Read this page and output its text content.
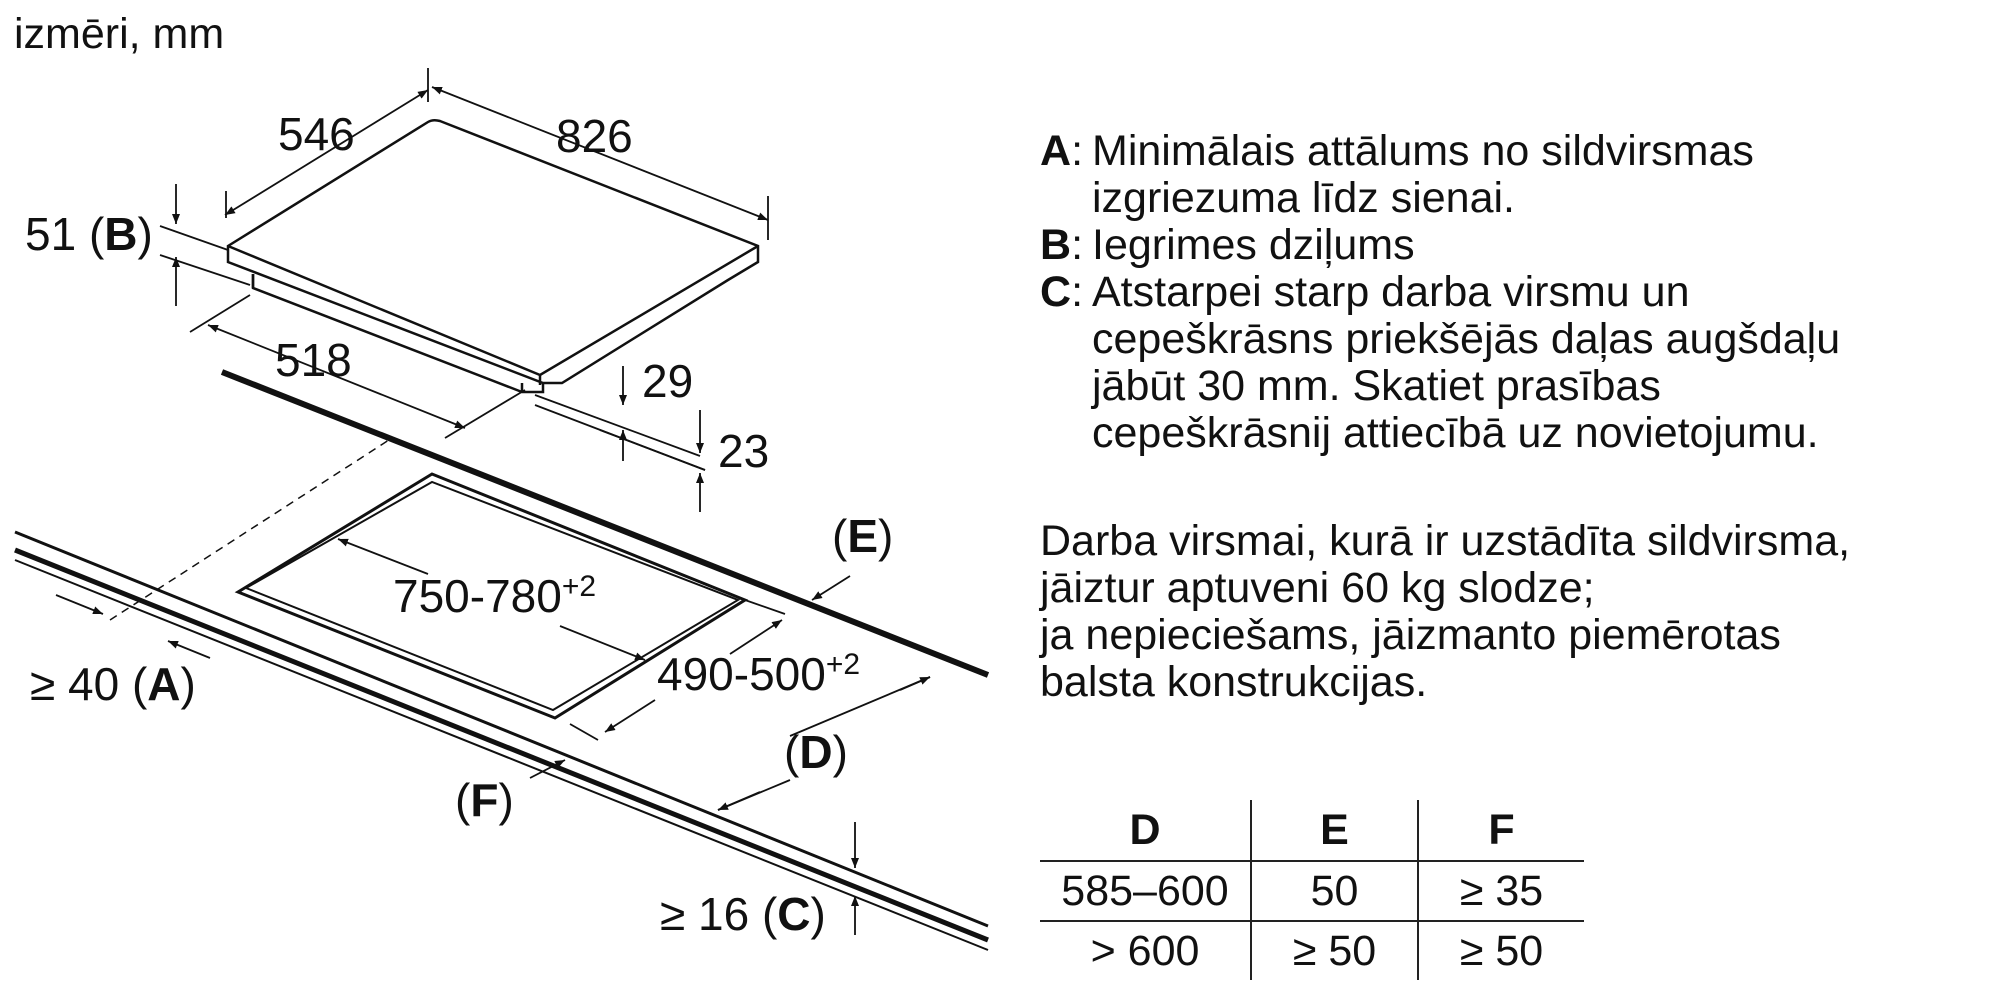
izmēri, mm
546	826
518	29
23
51 (B)
$750-780^{+2}$
$490-500^{+2}$
≥ 40 (A)
(E)
(D)
(F)
≥ 16 (C)
A: Minimālais attālums no sildvirsmas
izgriezuma līdz sienai.
B: Iegrimes dziļums
C: Atstarpei starp darba virsmu un
cepeškrāsns priekšējās daļas augšdaļu
jābūt 30 mm. Skatiet prasības
cepeškrāsnij attiecībā uz novietojumu.
Darba virsmai, kurā ir uzstādīta sildvirsma,
jāiztur aptuveni 60 kg slodze;
ja nepieciešams, jāizmanto piemērotas
balsta konstrukcijas.
D	E	F
585–600	50	≥ 35
> 600	≥ 50	≥ 50
